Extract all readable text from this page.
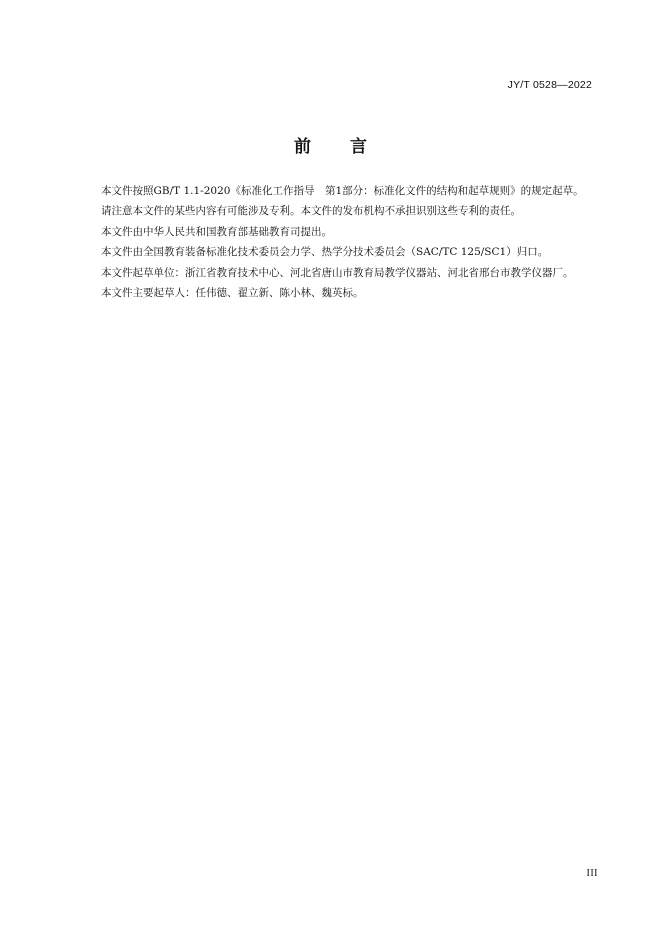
JY/T 0528—2022
前 言

本文件按照GB/T 1.1-2020《标准化工作指导　第1部分：标准化文件的结构和起草规则》的规定起草。

请注意本文件的某些内容有可能涉及专利。本文件的发布机构不承担识别这些专利的责任。

本文件由中华人民共和国教育部基础教育司提出。

本文件由全国教育装备标准化技术委员会力学、热学分技术委员会（SAC/TC 125/SC1）归口。

本文件起草单位：浙江省教育技术中心、河北省唐山市教育局教学仪器站、河北省邢台市教学仪器厂。

本文件主要起草人：任伟德、翟立新、陈小林、魏英标。

III
